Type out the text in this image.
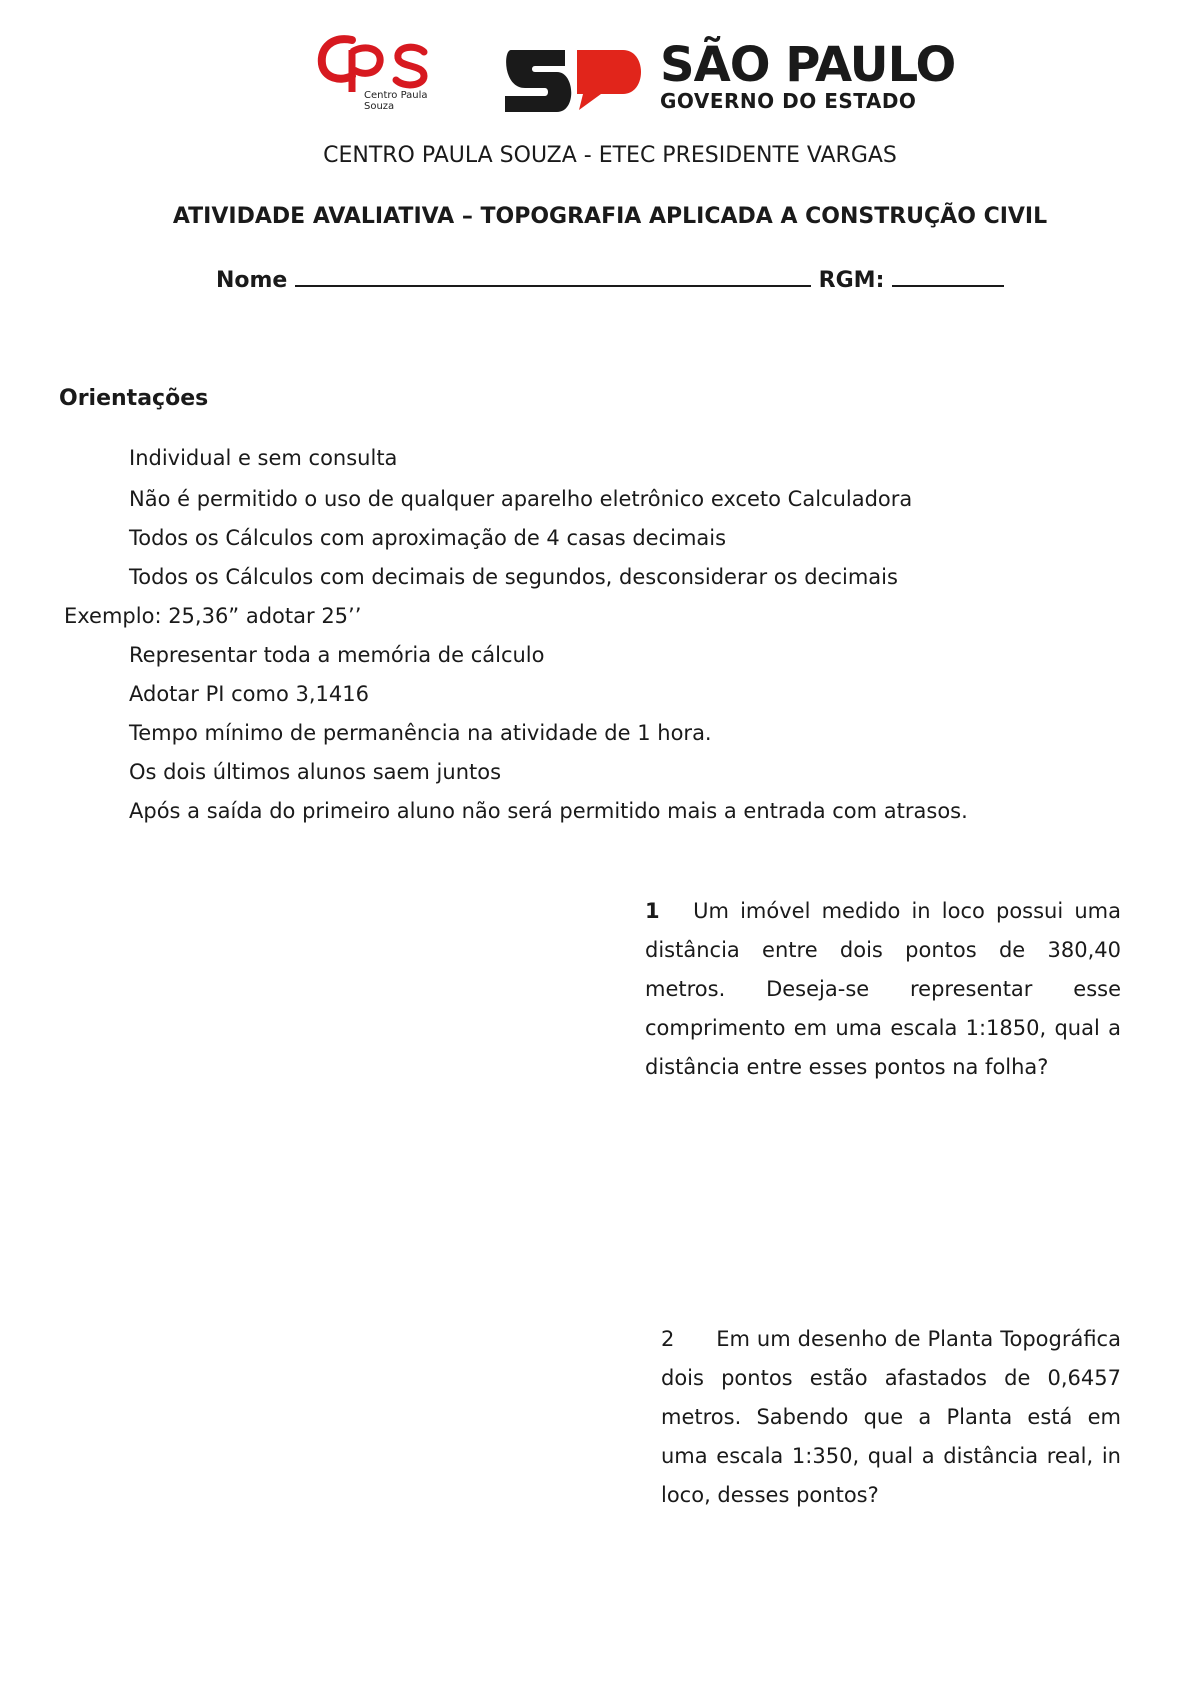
Centro Paula Souza
SÃO PAULO
GOVERNO DO ESTADO
CENTRO PAULA SOUZA - ETEC PRESIDENTE VARGAS
ATIVIDADE AVALIATIVA – TOPOGRAFIA APLICADA A CONSTRUÇÃO CIVIL
Nome	RGM:
Orientações
Individual e sem consulta
Não é permitido o uso de qualquer aparelho eletrônico exceto Calculadora
Todos os Cálculos com aproximação de 4 casas decimais
Todos os Cálculos com decimais de segundos, desconsiderar os decimais
Exemplo: 25,36” adotar 25’’
Representar toda a memória de cálculo
Adotar PI como 3,1416
Tempo mínimo de permanência na atividade de 1 hora.
Os dois últimos alunos saem juntos
Após a saída do primeiro aluno não será permitido mais a entrada com atrasos.
1 Um imóvel medido in loco possui uma distância entre dois pontos de 380,40 metros. Deseja-se representar esse comprimento em uma escala 1:1850, qual a distância entre esses pontos na folha?
2 Em um desenho de Planta Topográfica dois pontos estão afastados de 0,6457 metros. Sabendo que a Planta está em uma escala 1:350, qual a distância real, in loco, desses pontos?
